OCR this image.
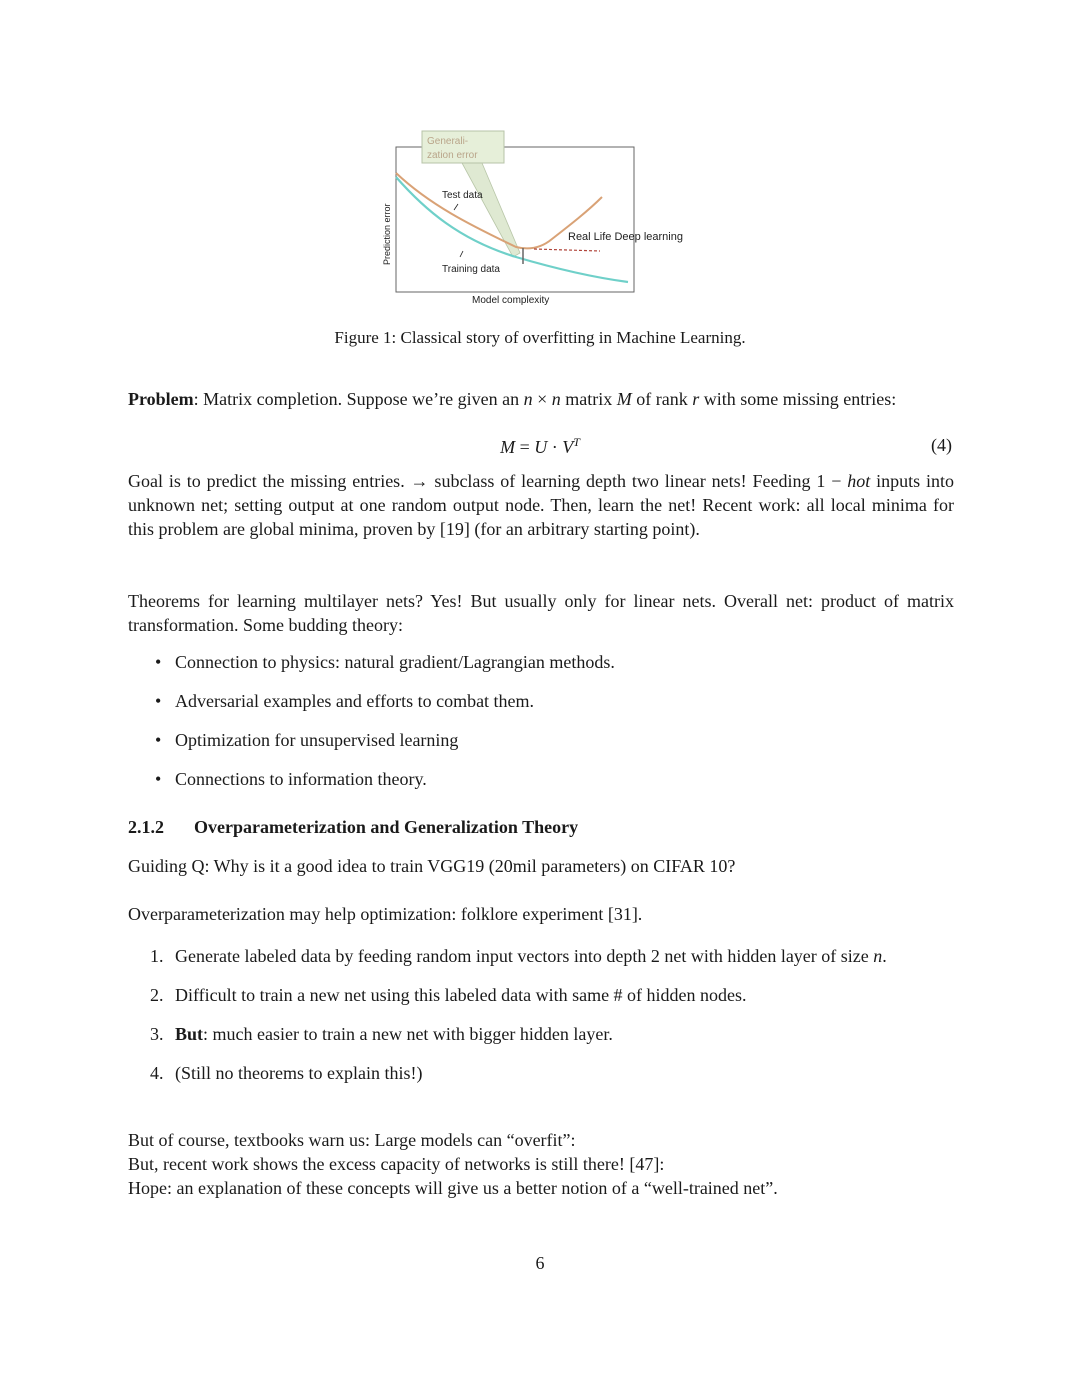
Generali-
zation error
Test data
Training data
Real Life Deep learning
Prediction error
Model complexity
Figure 1: Classical story of overfitting in Machine Learning.
Problem: Matrix completion. Suppose we’re given an n × n matrix M of rank r with some missing entries:
$M = U \cdot V^T$	(4)
Goal is to predict the missing entries. → subclass of learning depth two linear nets! Feeding 1 − hot inputs into unknown net; setting output at one random output node. Then, learn the net! Recent work: all local minima for this problem are global minima, proven by [19] (for an arbitrary starting point).
Theorems for learning multilayer nets? Yes! But usually only for linear nets. Overall net: product of matrix transformation. Some budding theory:
• Connection to physics: natural gradient/Lagrangian methods.
• Adversarial examples and efforts to combat them.
• Optimization for unsupervised learning
• Connections to information theory.
2.1.2 Overparameterization and Generalization Theory
Guiding Q: Why is it a good idea to train VGG19 (20mil parameters) on CIFAR 10?
Overparameterization may help optimization: folklore experiment [31].
1. Generate labeled data by feeding random input vectors into depth 2 net with hidden layer of size n.
2. Difficult to train a new net using this labeled data with same # of hidden nodes.
3. But: much easier to train a new net with bigger hidden layer.
4. (Still no theorems to explain this!)
But of course, textbooks warn us: Large models can “overfit”:
But, recent work shows the excess capacity of networks is still there! [47]:
Hope: an explanation of these concepts will give us a better notion of a “well-trained net”.
6
